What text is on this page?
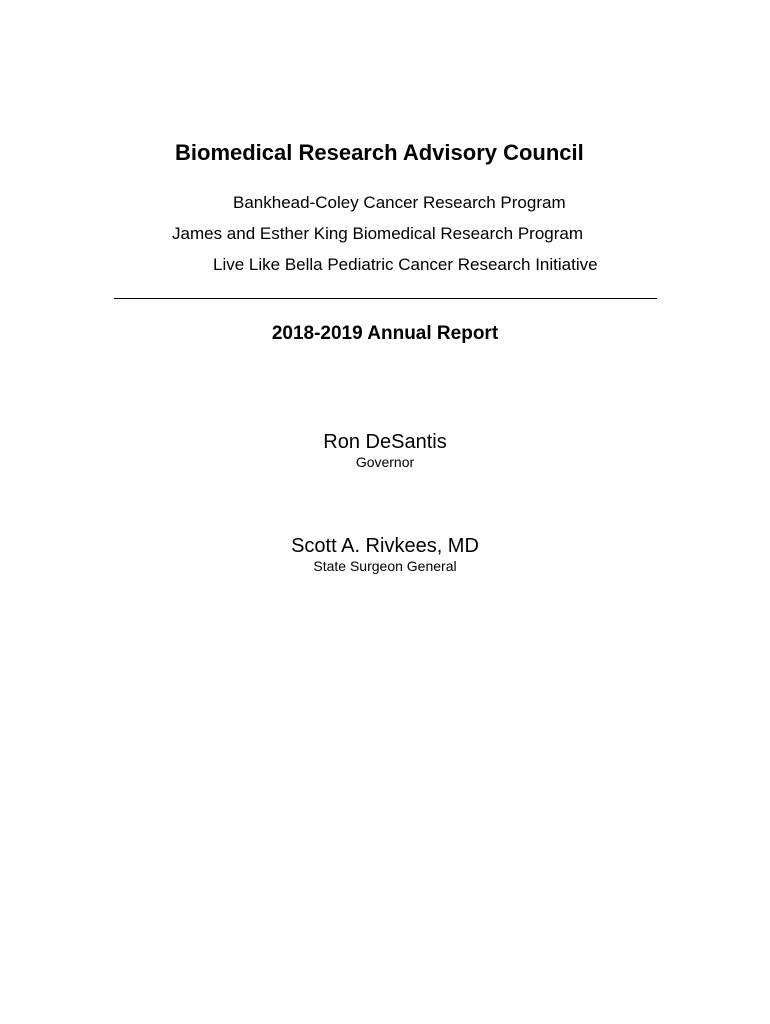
Biomedical Research Advisory Council
Bankhead-Coley Cancer Research Program
James and Esther King Biomedical Research Program
Live Like Bella Pediatric Cancer Research Initiative
2018-2019 Annual Report
Ron DeSantis
Governor
Scott A. Rivkees, MD
State Surgeon General
